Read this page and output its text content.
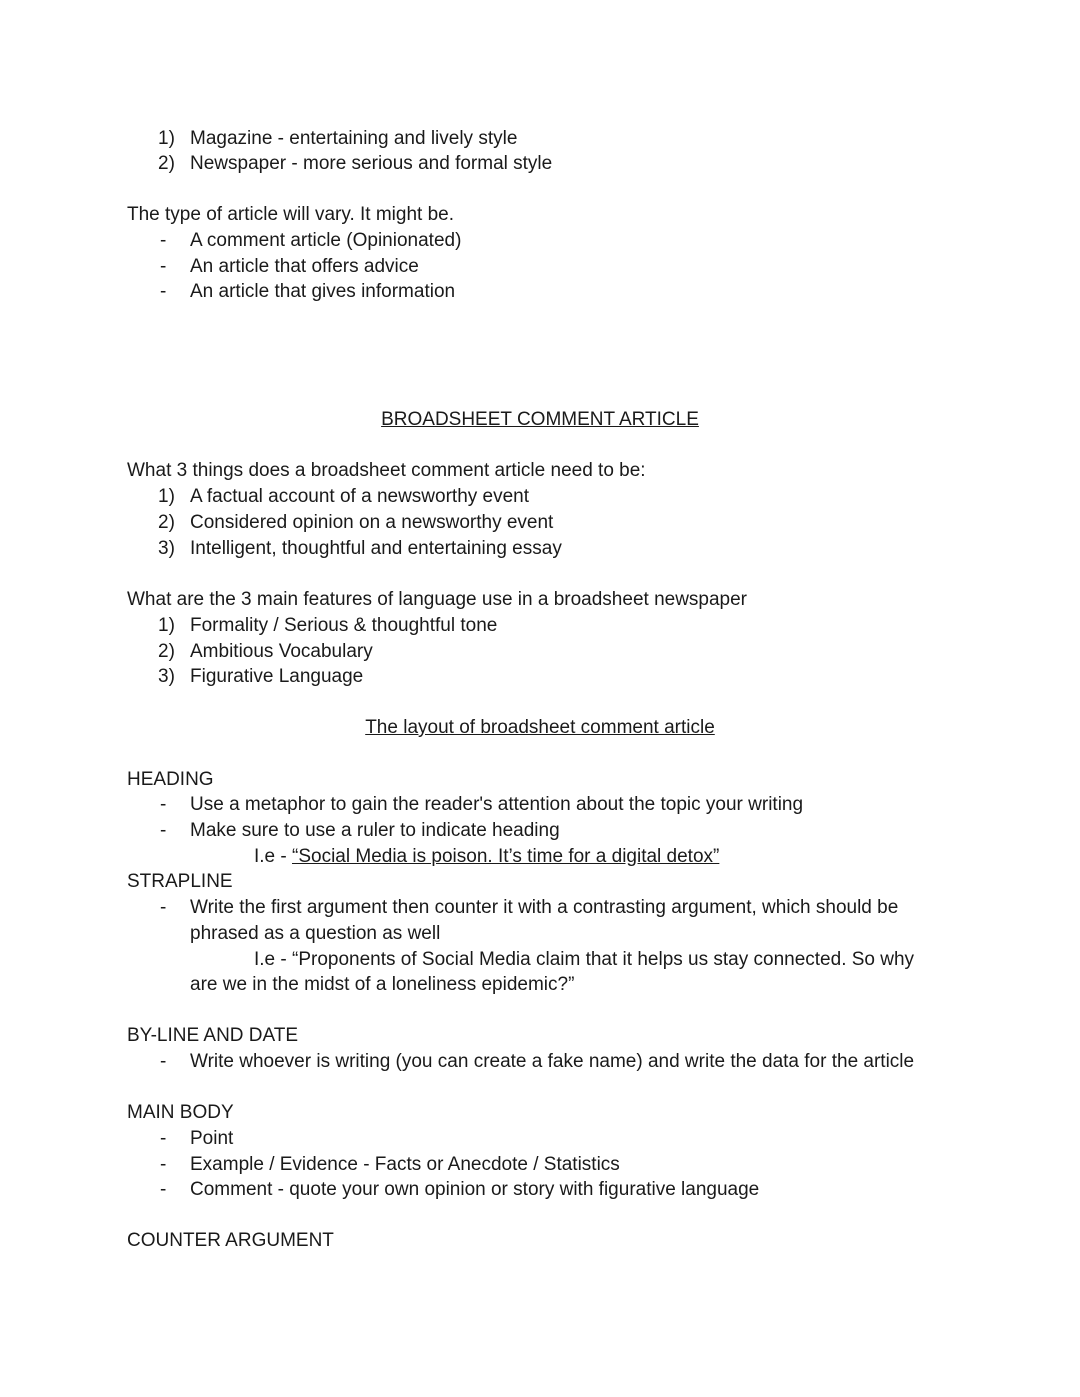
1) Magazine - entertaining and lively style
2) Newspaper - more serious and formal style
The type of article will vary. It might be.
- A comment article (Opinionated)
- An article that offers advice
- An article that gives information
BROADSHEET COMMENT ARTICLE
What 3 things does a broadsheet comment article need to be:
1) A factual account of a newsworthy event
2) Considered opinion on a newsworthy event
3) Intelligent, thoughtful and entertaining essay
What are the 3 main features of language use in a broadsheet newspaper
1) Formality / Serious & thoughtful tone
2) Ambitious Vocabulary
3) Figurative Language
The layout of broadsheet comment article
HEADING
- Use a metaphor to gain the reader's attention about the topic your writing
- Make sure to use a ruler to indicate heading
I.e - “Social Media is poison. It’s time for a digital detox”
STRAPLINE
- Write the first argument then counter it with a contrasting argument, which should be
phrased as a question as well
I.e - “Proponents of Social Media claim that it helps us stay connected. So why
are we in the midst of a loneliness epidemic?”
BY-LINE AND DATE
- Write whoever is writing (you can create a fake name) and write the data for the article
MAIN BODY
- Point
- Example / Evidence - Facts or Anecdote / Statistics
- Comment - quote your own opinion or story with figurative language
COUNTER ARGUMENT
